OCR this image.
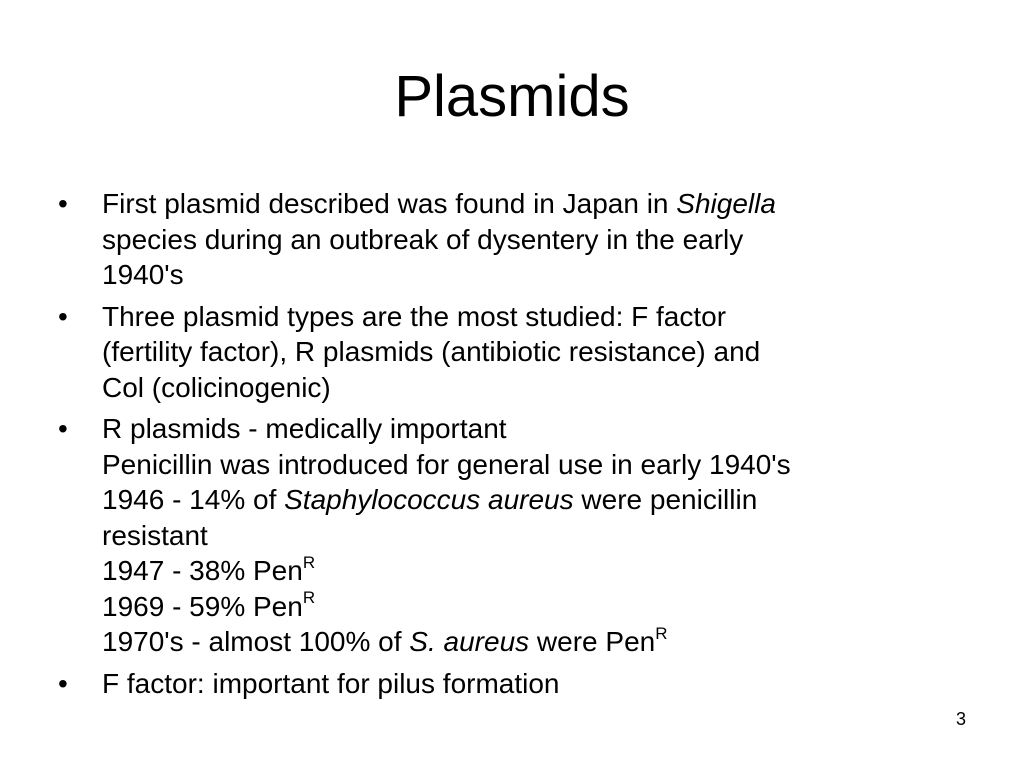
Plasmids
•	First plasmid described was found in Japan in Shigella
species during an outbreak of dysentery in the early
1940's
•	Three plasmid types are the most studied: F factor
(fertility factor), R plasmids (antibiotic resistance) and
Col (colicinogenic)
•	R plasmids - medically important
Penicillin was introduced for general use in early 1940's
1946 - 14% of Staphylococcus aureus were penicillin
resistant
1947 - 38% Pen$^R$
1969 - 59% Pen$^R$
1970's - almost 100% of S. aureus were Pen$^R$
•	F factor: important for pilus formation
3
